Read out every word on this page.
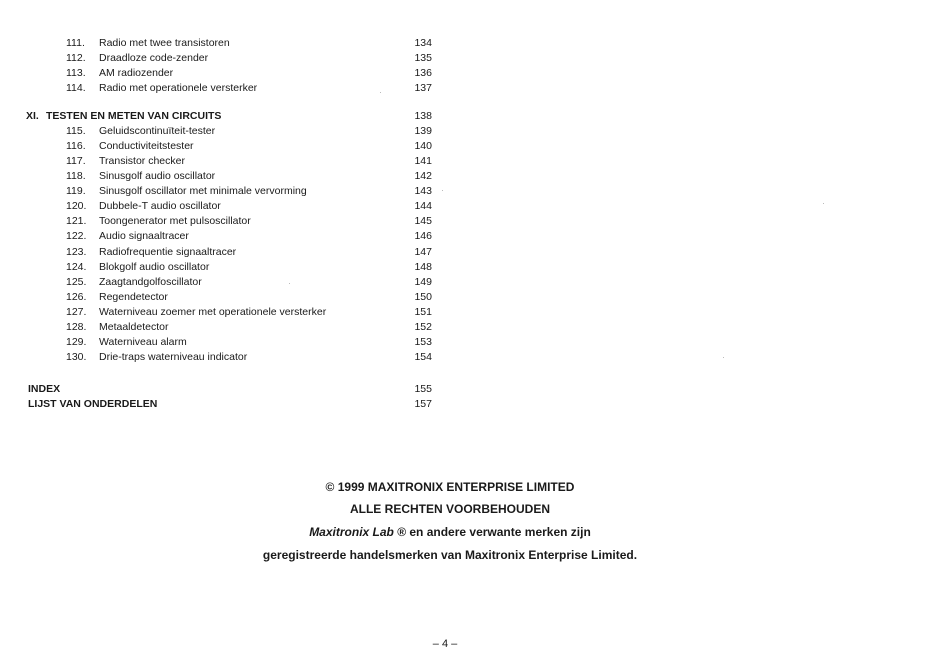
111.	Radio met twee transistoren	134
112.	Draadloze code-zender	135
113.	AM radiozender	136
114.	Radio met operationele versterker	137
XI. TESTEN EN METEN VAN CIRCUITS	138
115.	Geluidscontinuïteit-tester	139
116.	Conductiviteitstester	140
117.	Transistor checker	141
118.	Sinusgolf audio oscillator	142
119.	Sinusgolf oscillator met minimale vervorming	143
120.	Dubbele-T audio oscillator	144
121.	Toongenerator met pulsoscillator	145
122.	Audio signaaltracer	146
123.	Radiofrequentie signaaltracer	147
124.	Blokgolf audio oscillator	148
125.	Zaagtandgolfoscillator	149
126.	Regendetector	150
127.	Waterniveau zoemer met operationele versterker	151
128.	Metaaldetector	152
129.	Waterniveau alarm	153
130.	Drie-traps waterniveau indicator	154
INDEX	155
LIJST VAN ONDERDELEN	157
© 1999 MAXITRONIX ENTERPRISE LIMITED
ALLE RECHTEN VOORBEHOUDEN
Maxitronix Lab ® en andere verwante merken zijn
geregistreerde handelsmerken van Maxitronix Enterprise Limited.
– 4 –
